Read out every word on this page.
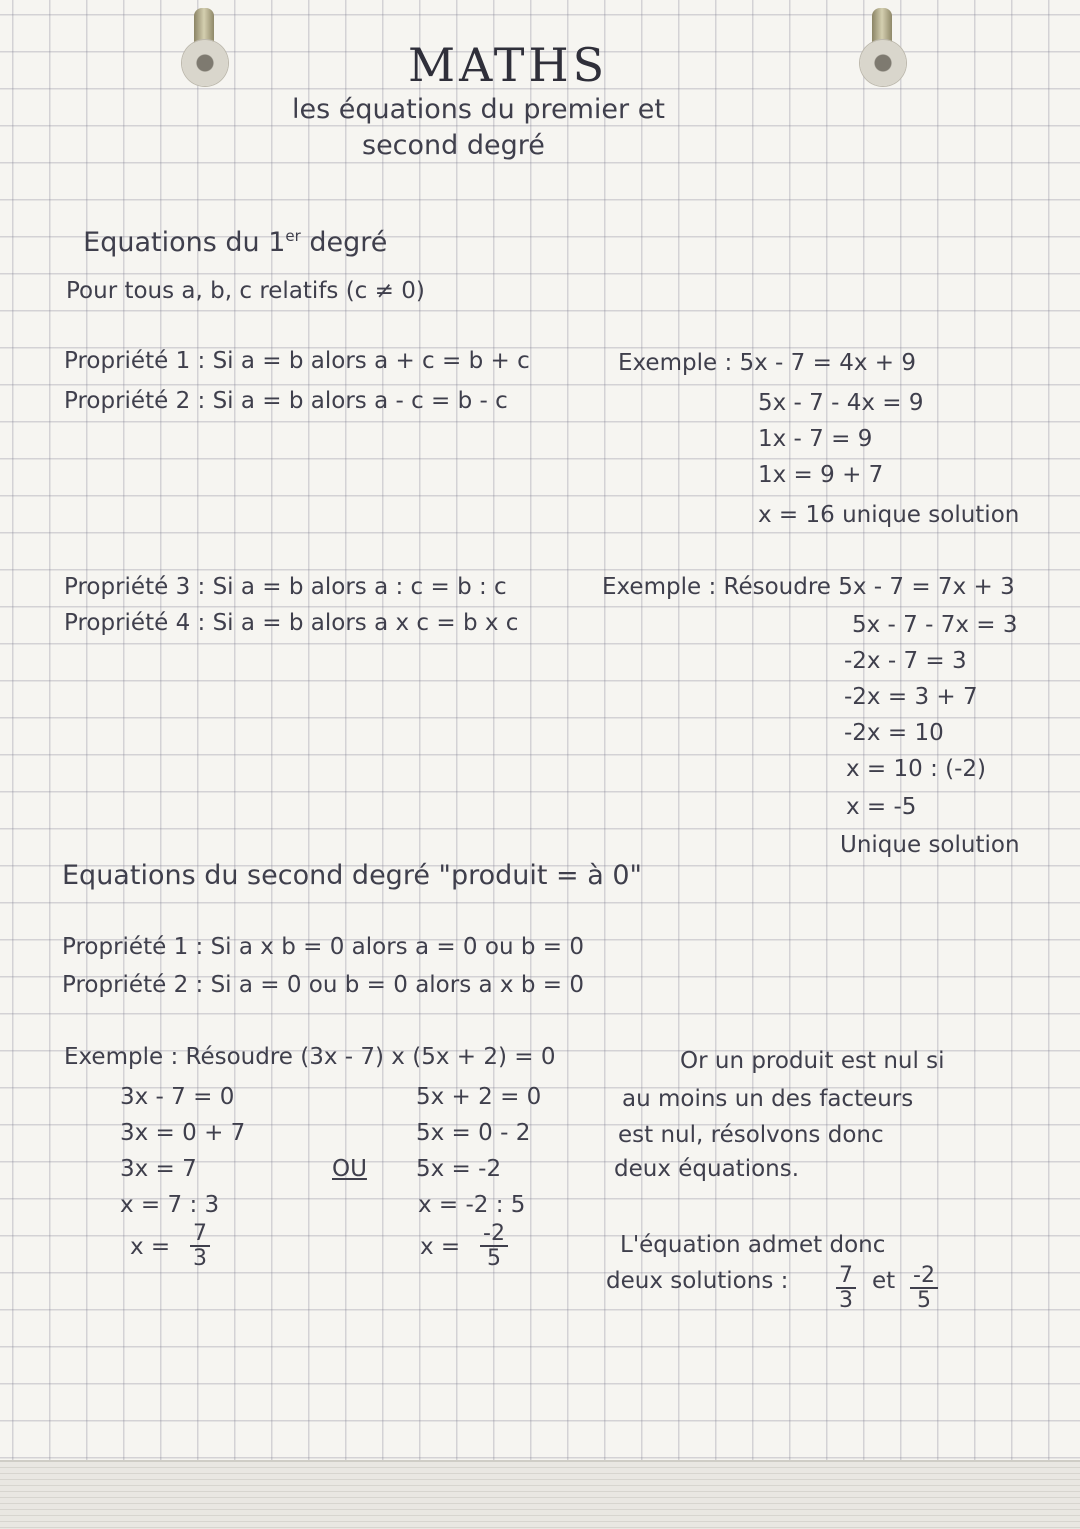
MATHS
les équations du premier et
second degré

Equations du 1er degré

Pour tous a, b, c relatifs (c ≠ 0)
Propriété 1 : Si a = b alors a + c = b + c
Propriété 2 : Si a = b alors a - c = b - c
Exemple : 5x - 7 = 4x + 9
5x - 7 - 4x = 9
1x - 7 = 9
1x = 9 + 7
x = 16 unique solution
Propriété 3 : Si a = b alors a : c = b : c
Propriété 4 : Si a = b alors a x c = b x c
Exemple : Résoudre 5x - 7 = 7x + 3
5x - 7 - 7x = 3
-2x - 7 = 3
-2x = 3 + 7
-2x = 10
x = 10 : (-2)
x = -5
Unique solution
Equations du second degré "produit = à 0"
Propriété 1 : Si a x b = 0 alors a = 0 ou b = 0
Propriété 2 : Si a = 0 ou b = 0 alors a x b = 0
Exemple : Résoudre (3x - 7) x (5x + 2) = 0
3x - 7 = 0
3x = 0 + 7
3x = 7
x = 7 : 3
$x = \frac{7}{3}$
OU
5x + 2 = 0
5x = 0 - 2
5x = -2
x = -2 : 5
$x = \frac{-2}{5}$
Or un produit est nul si
au moins un des facteurs
est nul, résolvons donc
deux équations.
L'équation admet donc
deux solutions : $\frac{7}{3}$ et $\frac{-2}{5}$
